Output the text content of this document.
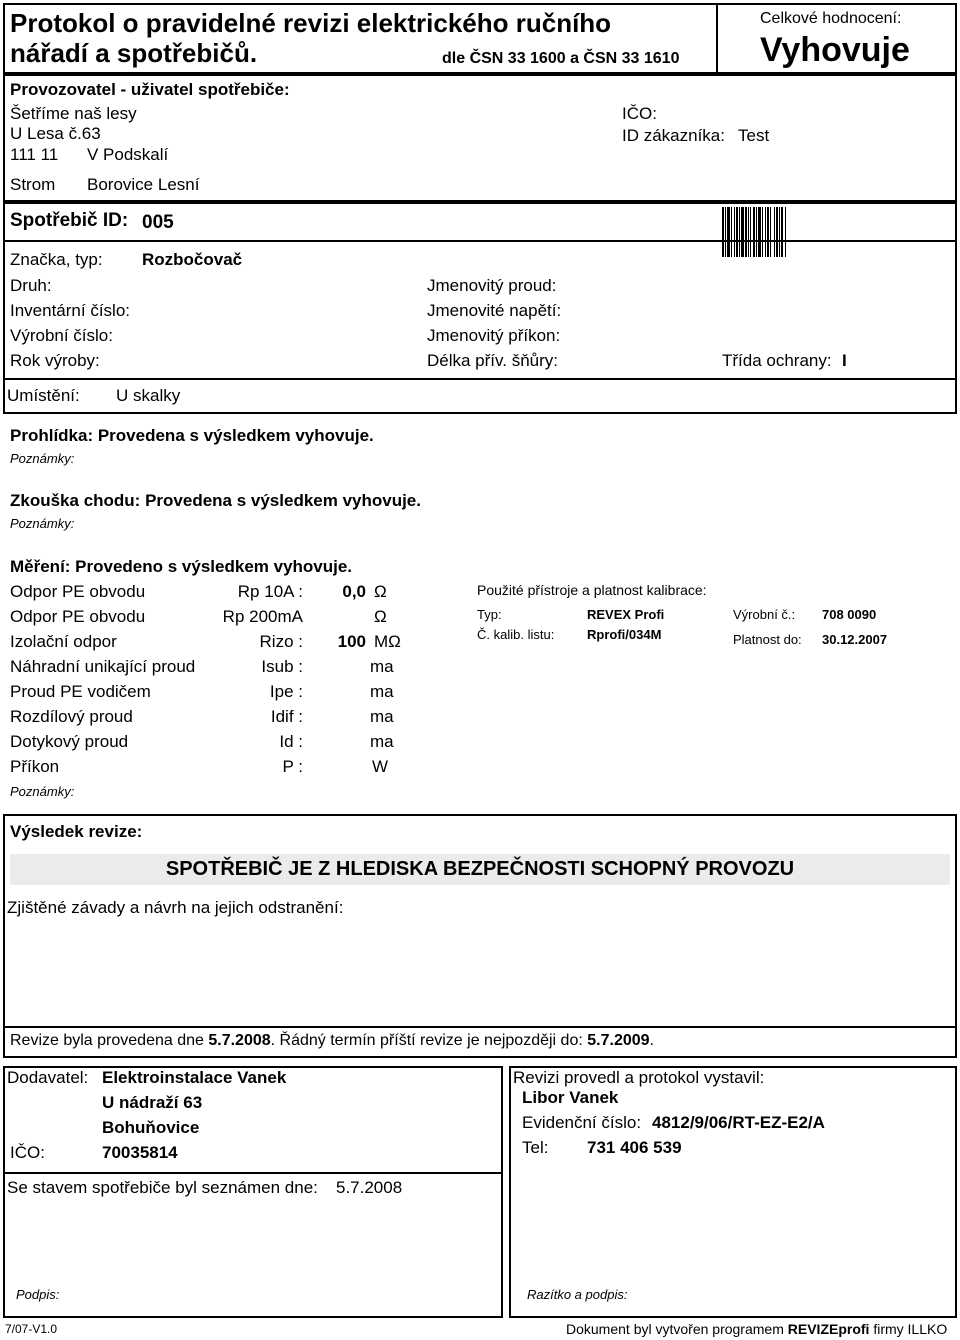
Protokol o pravidelné revizi elektrického ručního
nářadí a spotřebičů.	dle ČSN 33 1600 a ČSN 33 1610
Celkové hodnocení:
Vyhovuje
Provozovatel - uživatel spotřebiče:
Šetříme naš lesy
U Lesa č.63
111 11 V Podskalí
IČO:
ID zákazníka: Test
Strom Borovice Lesní
Spotřebič ID: 005
Značka, typ: Rozbočovač
Druh:
Inventární číslo:
Výrobní číslo:
Rok výroby:
Jmenovitý proud:
Jmenovité napětí:
Jmenovitý příkon:
Délka přív. šňůry:	Třída ochrany: I
Umístění: U skalky
Prohlídka: Provedena s výsledkem vyhovuje.
Poznámky:
Zkouška chodu: Provedena s výsledkem vyhovuje.
Poznámky:
Měření: Provedeno s výsledkem vyhovuje.
Odpor PE obvodu	Rp 10A :	0,0 Ω
Odpor PE obvodu	Rp 200mA	Ω
Izolační odpor	Rizo :	100 MΩ
Náhradní unikající proud	Isub :	ma
Proud PE vodičem	Ipe :	ma
Rozdílový proud	Idif :	ma
Dotykový proud	Id :	ma
Příkon	P :	W
Poznámky:
Použité přístroje a platnost kalibrace:
Typ:	REVEX Profi	Výrobní č.: 708 0090
Č. kalib. listu:	Rprofi/034M	Platnost do: 30.12.2007
Výsledek revize:
SPOTŘEBIČ JE Z HLEDISKA BEZPEČNOSTI SCHOPNÝ PROVOZU
Zjištěné závady a návrh na jejich odstranění:
Revize byla provedena dne 5.7.2008. Řádný termín příští revize je nejpozději do: 5.7.2009.
Dodavatel: Elektroinstalace Vanek
U nádraží 63
Bohuňovice
IČO:	70035814
Se stavem spotřebiče byl seznámen dne: 5.7.2008
Podpis:
Revizi provedl a protokol vystavil:
Libor Vanek
Evidenční číslo: 4812/9/06/RT-EZ-E2/A
Tel: 731 406 539
Razítko a podpis:
7/07-V1.0	Dokument byl vytvořen programem REVIZEprofi firmy ILLKO
